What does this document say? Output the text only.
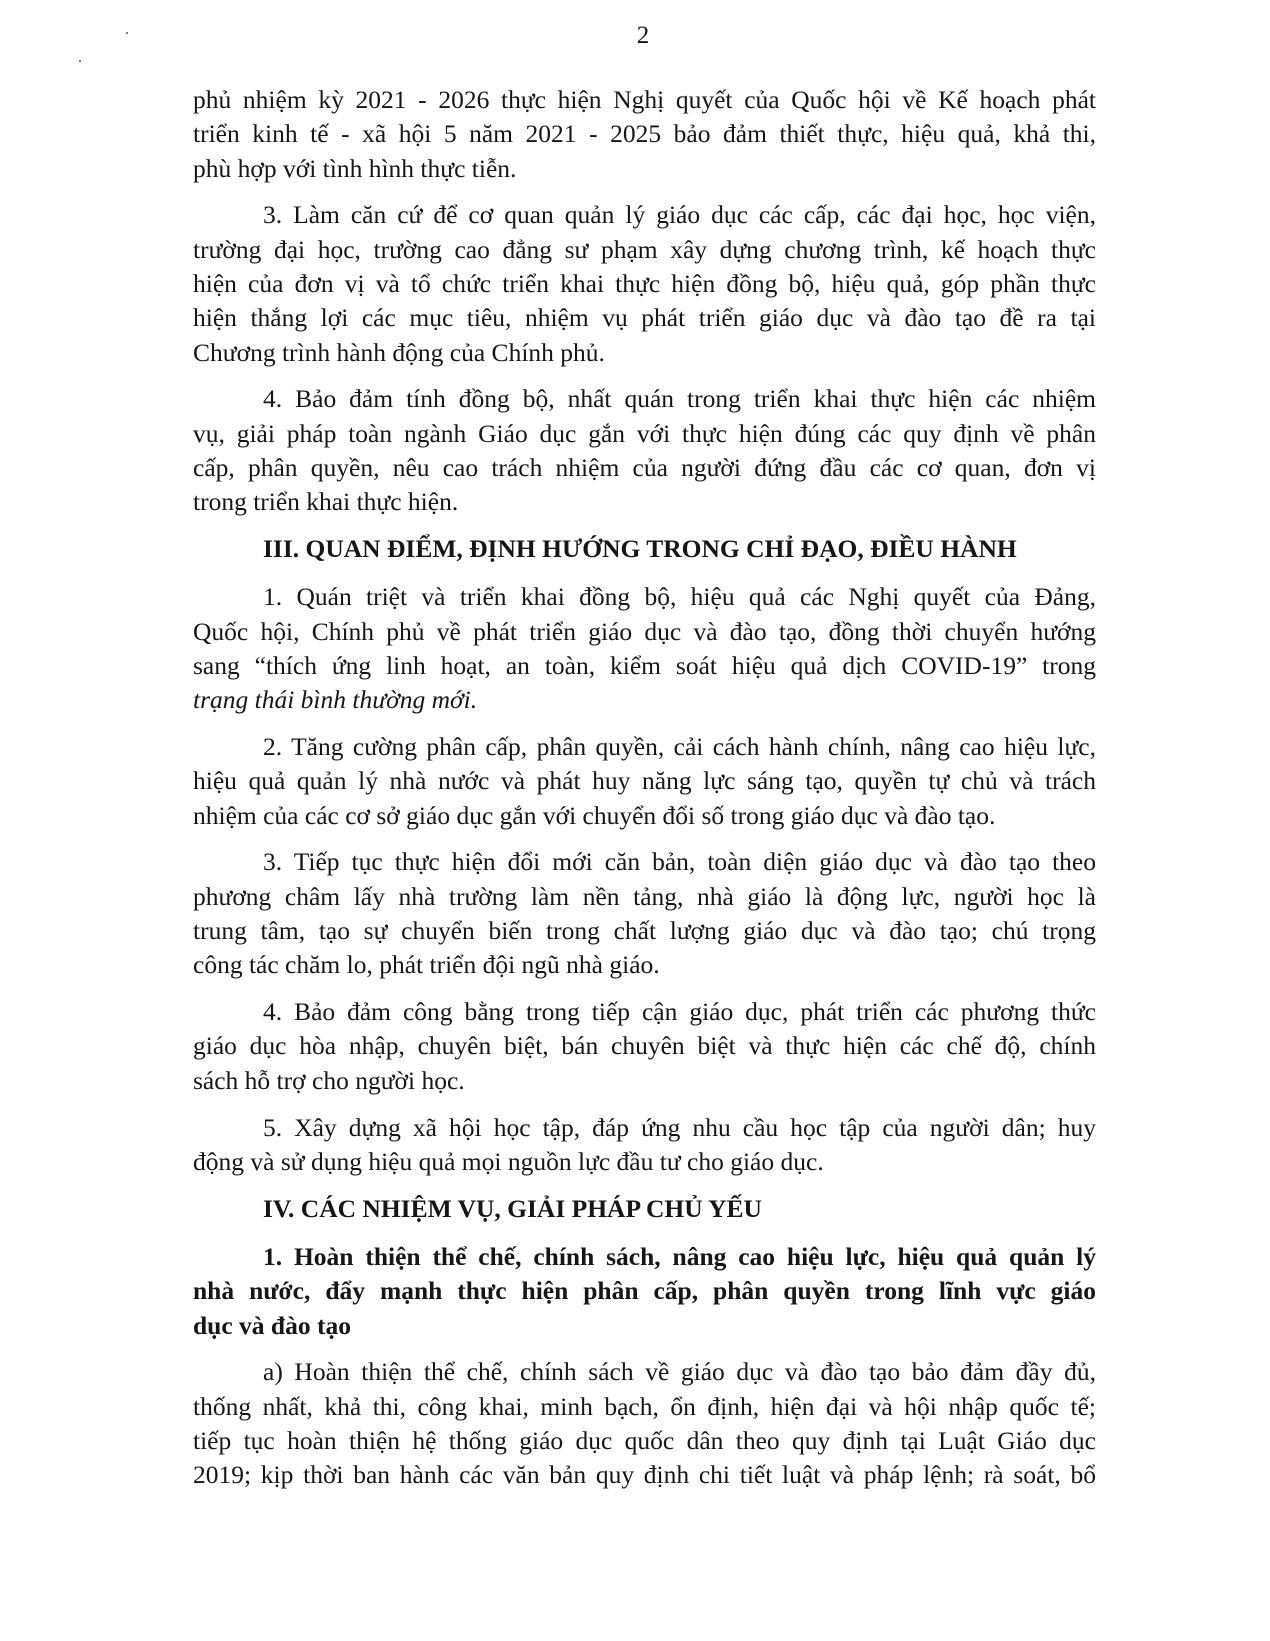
2
phủ nhiệm kỳ 2021 - 2026 thực hiện Nghị quyết của Quốc hội về Kế hoạch phát
triển kinh tế - xã hội 5 năm 2021 - 2025 bảo đảm thiết thực, hiệu quả, khả thi,
phù hợp với tình hình thực tiễn.
3. Làm căn cứ để cơ quan quản lý giáo dục các cấp, các đại học, học viện,
trường đại học, trường cao đẳng sư phạm xây dựng chương trình, kế hoạch thực
hiện của đơn vị và tổ chức triển khai thực hiện đồng bộ, hiệu quả, góp phần thực
hiện thắng lợi các mục tiêu, nhiệm vụ phát triển giáo dục và đào tạo đề ra tại
Chương trình hành động của Chính phủ.
4. Bảo đảm tính đồng bộ, nhất quán trong triển khai thực hiện các nhiệm
vụ, giải pháp toàn ngành Giáo dục gắn với thực hiện đúng các quy định về phân
cấp, phân quyền, nêu cao trách nhiệm của người đứng đầu các cơ quan, đơn vị
trong triển khai thực hiện.
III. QUAN ĐIỂM, ĐỊNH HƯỚNG TRONG CHỈ ĐẠO, ĐIỀU HÀNH
1. Quán triệt và triển khai đồng bộ, hiệu quả các Nghị quyết của Đảng,
Quốc hội, Chính phủ về phát triển giáo dục và đào tạo, đồng thời chuyển hướng
sang “thích ứng linh hoạt, an toàn, kiểm soát hiệu quả dịch COVID-19” trong
trạng thái bình thường mới.
2. Tăng cường phân cấp, phân quyền, cải cách hành chính, nâng cao hiệu lực,
hiệu quả quản lý nhà nước và phát huy năng lực sáng tạo, quyền tự chủ và trách
nhiệm của các cơ sở giáo dục gắn với chuyển đổi số trong giáo dục và đào tạo.
3. Tiếp tục thực hiện đổi mới căn bản, toàn diện giáo dục và đào tạo theo
phương châm lấy nhà trường làm nền tảng, nhà giáo là động lực, người học là
trung tâm, tạo sự chuyển biến trong chất lượng giáo dục và đào tạo; chú trọng
công tác chăm lo, phát triển đội ngũ nhà giáo.
4. Bảo đảm công bằng trong tiếp cận giáo dục, phát triển các phương thức
giáo dục hòa nhập, chuyên biệt, bán chuyên biệt và thực hiện các chế độ, chính
sách hỗ trợ cho người học.
5. Xây dựng xã hội học tập, đáp ứng nhu cầu học tập của người dân; huy
động và sử dụng hiệu quả mọi nguồn lực đầu tư cho giáo dục.
IV. CÁC NHIỆM VỤ, GIẢI PHÁP CHỦ YẾU
1. Hoàn thiện thể chế, chính sách, nâng cao hiệu lực, hiệu quả quản lý
nhà nước, đẩy mạnh thực hiện phân cấp, phân quyền trong lĩnh vực giáo
dục và đào tạo
a) Hoàn thiện thể chế, chính sách về giáo dục và đào tạo bảo đảm đầy đủ,
thống nhất, khả thi, công khai, minh bạch, ổn định, hiện đại và hội nhập quốc tế;
tiếp tục hoàn thiện hệ thống giáo dục quốc dân theo quy định tại Luật Giáo dục
2019; kịp thời ban hành các văn bản quy định chi tiết luật và pháp lệnh; rà soát, bổ
